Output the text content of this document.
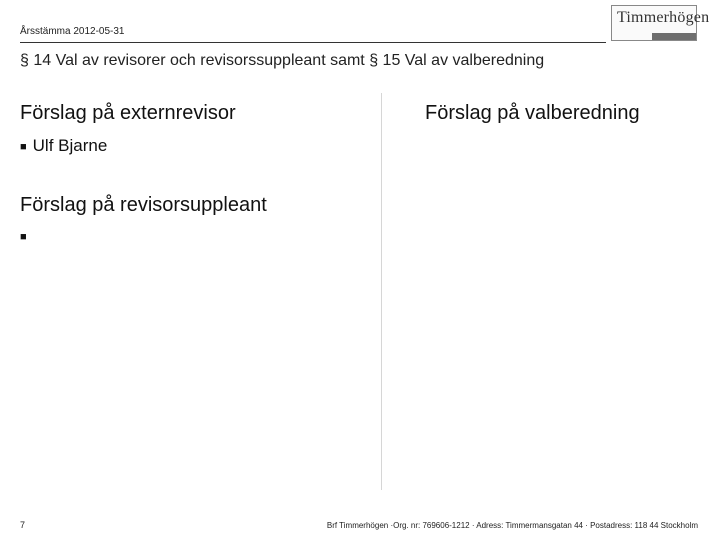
Årsstämma 2012-05-31
Timmerhögen
§ 14 Val av revisorer och revisorssuppleant samt § 15 Val av valberedning
Förslag på externrevisor
■ Ulf Bjarne
Förslag på revisorsuppleant
■
Förslag på valberedning
7	Brf Timmerhögen ·Org. nr: 769606-1212 · Adress: Timmermansgatan 44 · Postadress: 118 44 Stockholm
